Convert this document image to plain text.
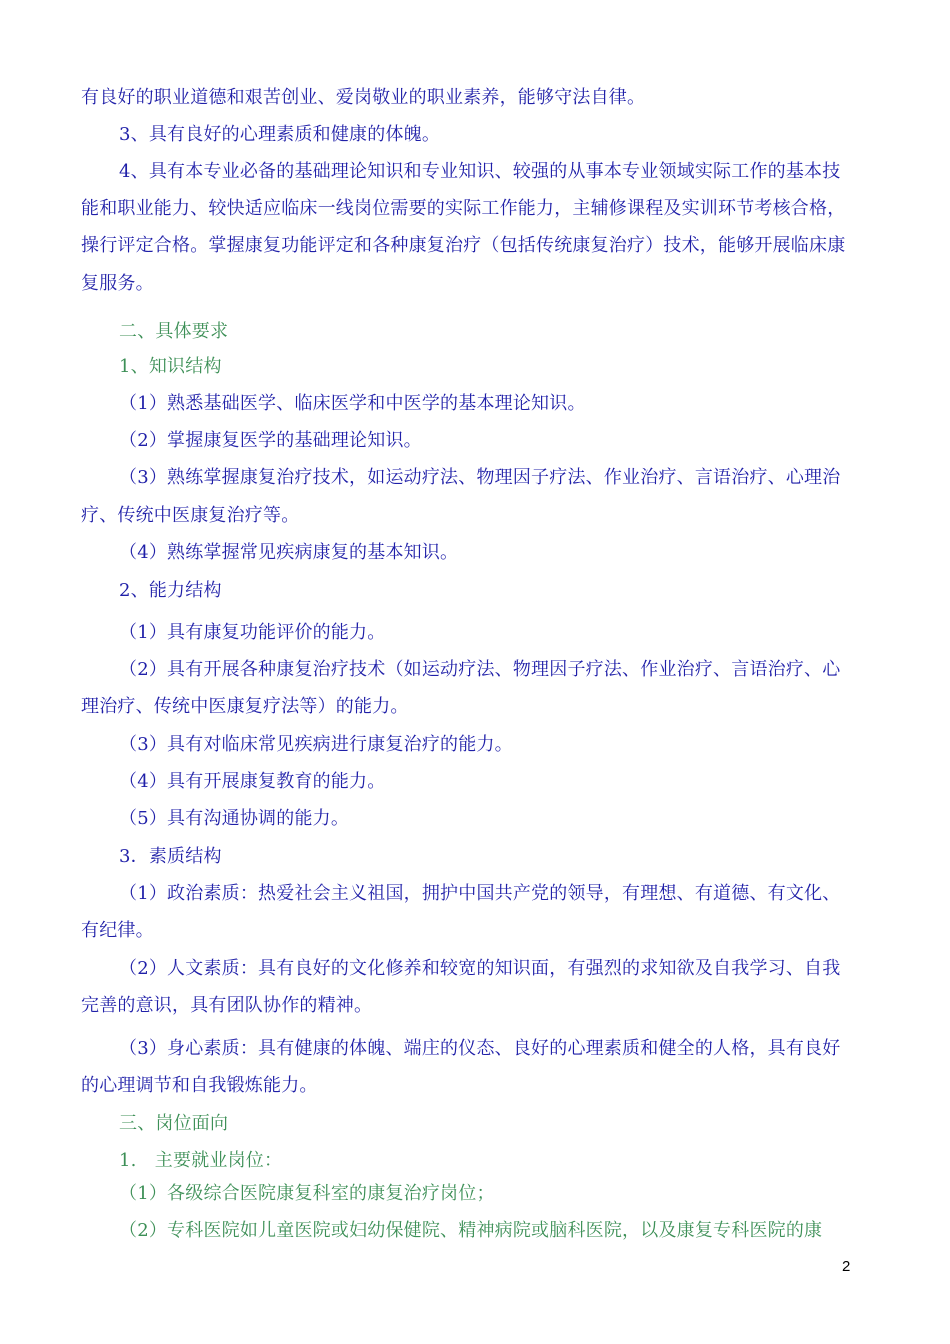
有良好的职业道德和艰苦创业、爱岗敬业的职业素养，能够守法自律。
3、具有良好的心理素质和健康的体魄。
4、具有本专业必备的基础理论知识和专业知识、较强的从事本专业领域实际工作的基本技
能和职业能力、较快适应临床一线岗位需要的实际工作能力，主辅修课程及实训环节考核合格，
操行评定合格。掌握康复功能评定和各种康复治疗（包括传统康复治疗）技术，能够开展临床康
复服务。
二、具体要求
1、知识结构
（1）熟悉基础医学、临床医学和中医学的基本理论知识。
（2）掌握康复医学的基础理论知识。
（3）熟练掌握康复治疗技术，如运动疗法、物理因子疗法、作业治疗、言语治疗、心理治
疗、传统中医康复治疗等。
（4）熟练掌握常见疾病康复的基本知识。
2、能力结构
（1）具有康复功能评价的能力。
（2）具有开展各种康复治疗技术（如运动疗法、物理因子疗法、作业治疗、言语治疗、心
理治疗、传统中医康复疗法等）的能力。
（3）具有对临床常见疾病进行康复治疗的能力。
（4）具有开展康复教育的能力。
（5）具有沟通协调的能力。
3．素质结构
（1）政治素质：热爱社会主义祖国，拥护中国共产党的领导，有理想、有道德、有文化、
有纪律。
（2）人文素质：具有良好的文化修养和较宽的知识面，有强烈的求知欲及自我学习、自我
完善的意识，具有团队协作的精神。
（3）身心素质：具有健康的体魄、端庄的仪态、良好的心理素质和健全的人格，具有良好
的心理调节和自我锻炼能力。
三、岗位面向
1.　主要就业岗位：
（1）各级综合医院康复科室的康复治疗岗位；
（2）专科医院如儿童医院或妇幼保健院、精神病院或脑科医院，以及康复专科医院的康
2
